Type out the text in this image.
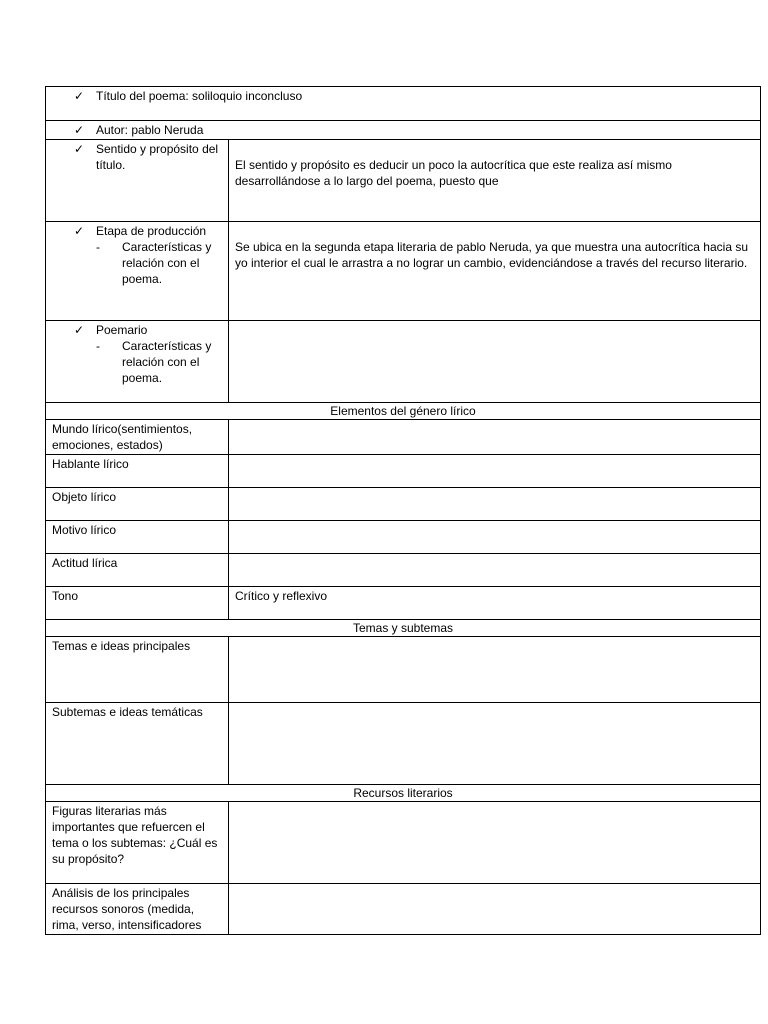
✓ Título del poema: soliloquio inconcluso	

✓ Autor: pablo Neruda	

✓ Sentido y propósito del título.	El sentido y propósito es deducir un poco la autocrítica que este realiza así mismo desarrollándose a lo largo del poema, puesto que

✓ Etapa de producción
- Características y relación con el poema.	Se ubica en la segunda etapa literaria de pablo Neruda, ya que muestra una autocrítica hacia su yo interior el cual le arrastra a no lograr un cambio, evidenciándose a través del recurso literario.

✓ Poemario
- Características y relación con el poema.	

Elementos del género lírico	
Mundo lírico(sentimientos, emociones, estados)	
Hablante lírico	
Objeto lírico	
Motivo lírico	
Actitud lírica	
Tono	Crítico y reflexivo
Temas y subtemas	
Temas e ideas principales	
Subtemas e ideas temáticas	
Recursos literarios	
Figuras literarias más importantes que refuercen el tema o los subtemas: ¿Cuál es su propósito?	
Análisis de los principales recursos sonoros (medida, rima, verso, intensificadores	
